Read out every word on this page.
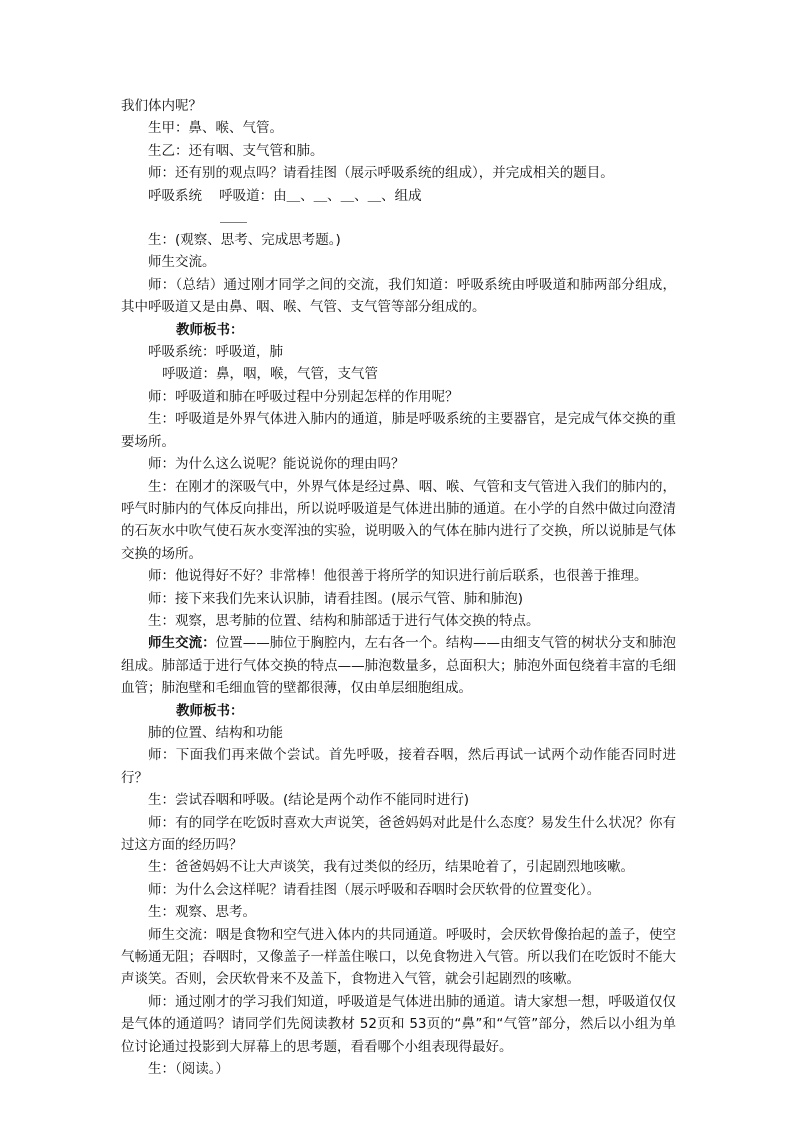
我们体内呢？

生甲：鼻、喉、气管。

生乙：还有咽、支气管和肺。

师：还有别的观点吗？请看挂图（展示呼吸系统的组成），并完成相关的题目。

呼吸系统    呼吸道：由＿、＿、＿、＿、组成

＿＿

生：(观察、思考、完成思考题。)

师生交流。

师：（总结）通过刚才同学之间的交流，我们知道：呼吸系统由呼吸道和肺两部分组成，其中呼吸道又是由鼻、咽、喉、气管、支气管等部分组成的。

教师板书：

呼吸系统：呼吸道，肺

呼吸道：鼻，咽，喉，气管，支气管

师：呼吸道和肺在呼吸过程中分别起怎样的作用呢？

生：呼吸道是外界气体进入肺内的通道，肺是呼吸系统的主要器官，是完成气体交换的重要场所。

师：为什么这么说呢？能说说你的理由吗？

生：在刚才的深吸气中，外界气体是经过鼻、咽、喉、气管和支气管进入我们的肺内的，呼气时肺内的气体反向排出，所以说呼吸道是气体进出肺的通道。在小学的自然中做过向澄清的石灰水中吹气使石灰水变浑浊的实验，说明吸入的气体在肺内进行了交换，所以说肺是气体交换的场所。

师：他说得好不好？非常棒！他很善于将所学的知识进行前后联系，也很善于推理。

师：接下来我们先来认识肺，请看挂图。(展示气管、肺和肺泡)

生：观察，思考肺的位置、结构和肺部适于进行气体交换的特点。

师生交流：位置——肺位于胸腔内，左右各一个。结构——由细支气管的树状分支和肺泡组成。肺部适于进行气体交换的特点——肺泡数量多，总面积大；肺泡外面包绕着丰富的毛细血管；肺泡壁和毛细血管的壁都很薄，仅由单层细胞组成。

教师板书：

肺的位置、结构和功能

师：下面我们再来做个尝试。首先呼吸，接着吞咽，然后再试一试两个动作能否同时进行？

生：尝试吞咽和呼吸。(结论是两个动作不能同时进行)

师：有的同学在吃饭时喜欢大声说笑，爸爸妈妈对此是什么态度？易发生什么状况？你有过这方面的经历吗？

生：爸爸妈妈不让大声谈笑，我有过类似的经历，结果呛着了，引起剧烈地咳嗽。

师：为什么会这样呢？请看挂图（展示呼吸和吞咽时会厌软骨的位置变化）。

生：观察、思考。

师生交流：咽是食物和空气进入体内的共同通道。呼吸时，会厌软骨像抬起的盖子，使空气畅通无阻；吞咽时，又像盖子一样盖住喉口，以免食物进入气管。所以我们在吃饭时不能大声谈笑。否则，会厌软骨来不及盖下，食物进入气管，就会引起剧烈的咳嗽。

师：通过刚才的学习我们知道，呼吸道是气体进出肺的通道。请大家想一想，呼吸道仅仅是气体的通道吗？请同学们先阅读教材 52页和 53页的“鼻”和“气管”部分，然后以小组为单位讨论通过投影到大屏幕上的思考题，看看哪个小组表现得最好。

生：（阅读。）
